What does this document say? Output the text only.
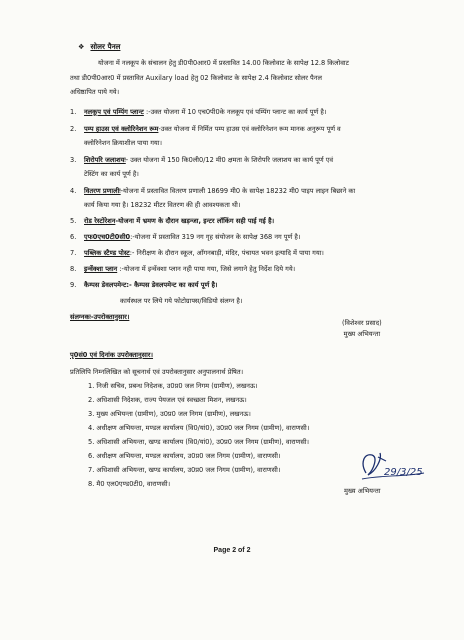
❖ सोलर पैनल
योजना में नलकूप के संचालन हेतु डी0पी0आर0 में प्रस्तावित 14.00 किलोवाट के सापेक्ष 12.8 किलोवाट
तथा डी0पी0आर0 में प्रस्तावित Auxilary load हेतु 02 किलोवाट के सापेक्ष 2.4 किलोवाट सोलर पैनल
अधिष्ठापित पाये गये।
1. नलकूप एवं पम्पिंग प्लान्ट :-उक्त योजना में 10 एच0पी0के नलकूप एवं पम्पिंग प्लान्ट का कार्य पूर्ण है।
2. पम्प हाउस एवं क्लोरिनेशन रूम-उक्त योजना में निर्मित पम्प हाउस एवं क्लोरिनेशन रूम मानक अनुरूप पूर्ण व
क्लोरिनेशन क्रियाशील पाया गया।
3. शिरोपरि जलाशयः- उक्त योजना में 150 कि0ली0/12 मी0 क्षमता के शिरोपरि जलाशय का कार्य पूर्ण एवं
टेस्टिंग का कार्य पूर्ण है।
4. वितरण प्रणालीः-योजना में प्रस्तावित वितरण प्रणाली 18699 मी0 के सापेक्ष 18232 मी0 पाइप लाइन बिछाने का
कार्य किया गया है। 18232 मीटर वितरण की ही आवश्यकता थी।
5. रोड रेस्टोरेशन-योजना में भ्रमण के दौरान खड़न्जा, इन्टर लॉकिंग सही पाई गई है।
6. एफ0एच0टी0सी0:-योजना में प्रस्तावित 319 नग गृह संयोजन के सापेक्ष 368 नग पूर्ण है।
7. पब्लिक स्टैण्ड पोस्ट:- निरीक्षण के दौरान स्कूल, आँगनबाड़ी, मंदिर, पंचायत भवन इत्यादि में पाया गया।
8. इन्वेंक्शा प्लान :-योजना में इन्वेंक्शा प्लान नही पाया गया, जिसे लगाने हेतु निर्देश दिये गये।
9. कैम्पस डेवलपमेन्ट:- कैम्पस डेवलपमेन्ट का कार्य पूर्ण है।
कार्यस्थल पर लिये गये फोटोग्राफ्स/विडियो संलग्न है।
संलग्नकः-उपरोक्तानुसार।
(विशेश्वर प्रसाद)
मुख्य अभियन्ता
पृ0सं0 एवं दिनांक उपरोक्तानुसार।
प्रतिलिपि निम्नलिखित को सूचनार्थ एवं उपरोक्तानुसार अनुपालनार्थ प्रेषित।
1. निजी सचिव, प्रबन्ध निदेशक, उ0प्र0 जल निगम (ग्रामीण), लखनऊ।
2. अधिशासी निदेशक, राज्य पेयजल एवं स्वच्छता मिशन, लखनऊ।
3. मुख्य अभियन्ता (ग्रामीण), उ0प्र0 जल निगम (ग्रामीण), लखनऊ।
4. अधीक्षण अभियन्ता, मण्डल कार्यालय (वि0/यां0), उ0प्र0 जल निगम (ग्रामीण), वाराणसी।
5. अधिशासी अभियन्ता, खण्ड कार्यालय (वि0/यां0), उ0प्र0 जल निगम (ग्रामीण), वाराणसी।
6. अधीक्षण अभियन्ता, मण्डल कार्यालय, उ0प्र0 जल निगम (ग्रामीण), वाराणसी।
7. अधिशासी अभियन्ता, खण्ड कार्यालय, उ0प्र0 जल निगम (ग्रामीण), वाराणसी।
8. मै0 एल0एण्ड0टी0, वाराणसी।
29/3/25
मुख्य अभियन्ता
Page 2 of 2
